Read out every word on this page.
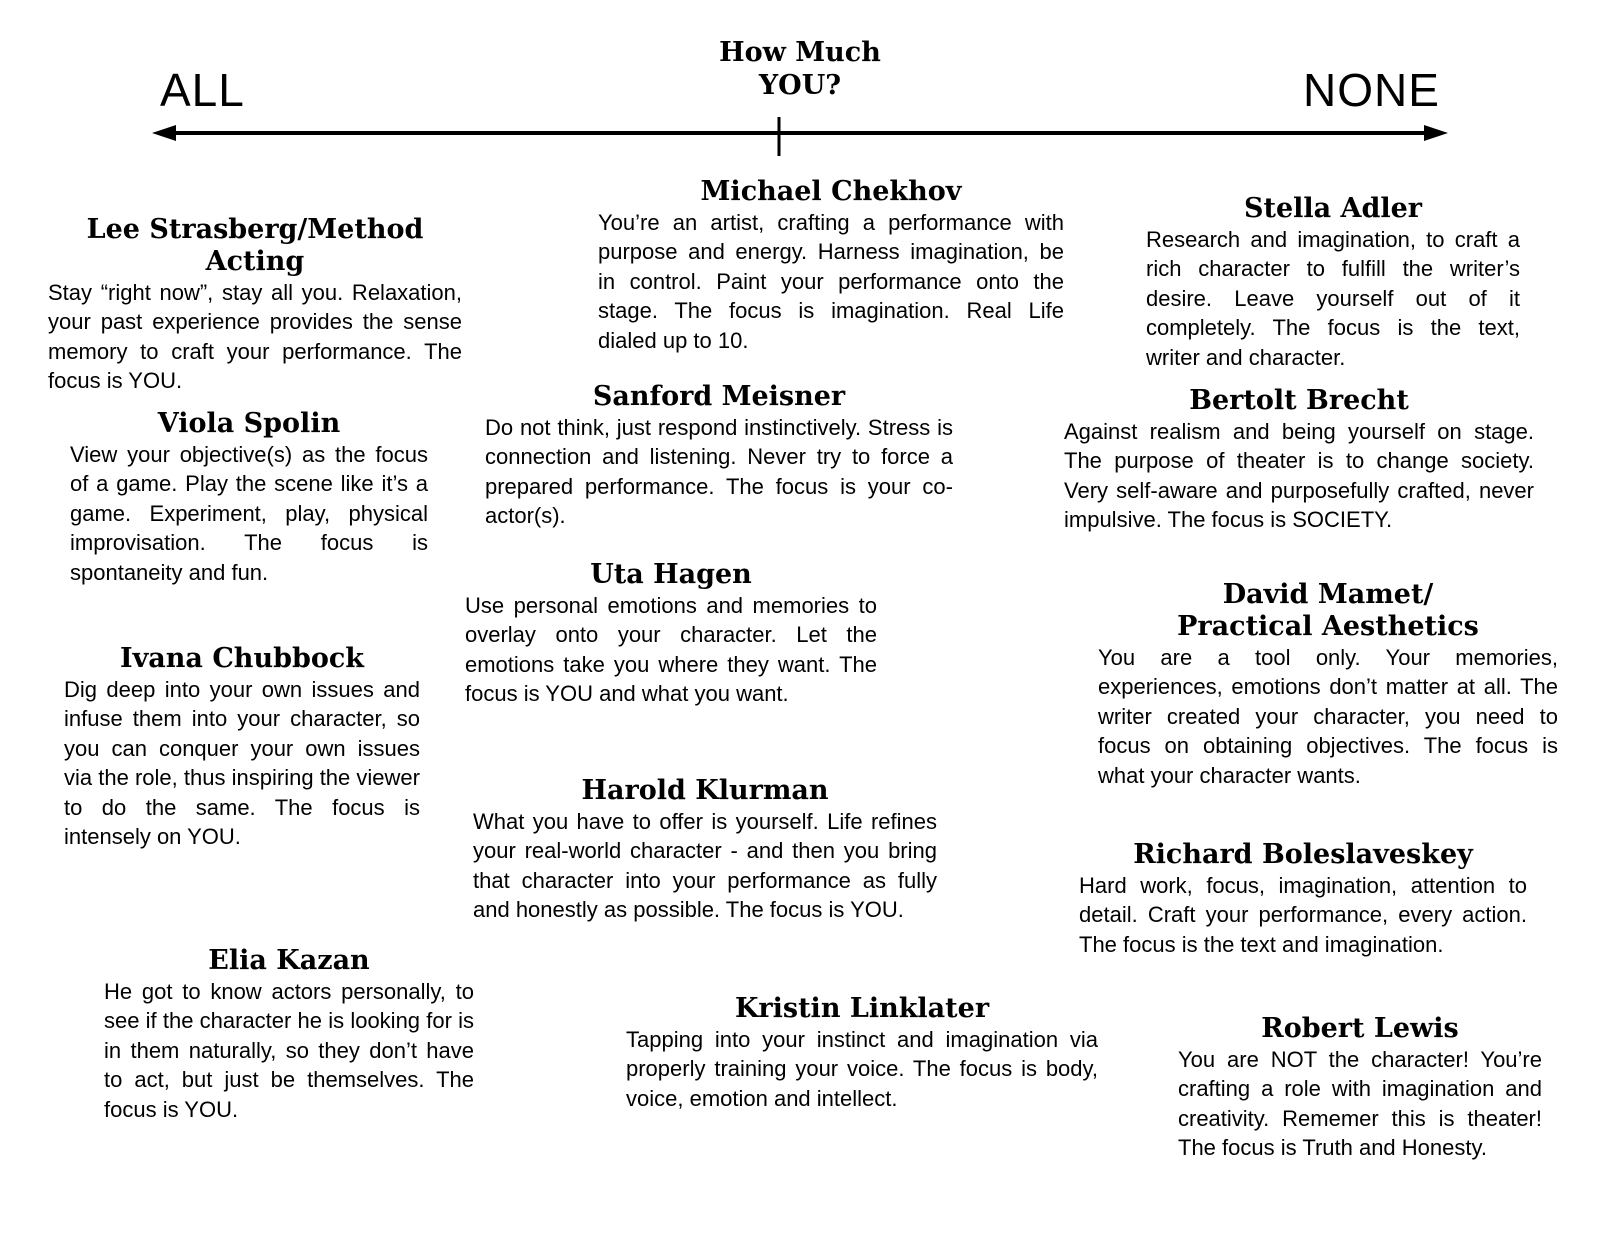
ALL	NONE
How Much
YOU?
Lee Strasberg/Method Acting

Stay “right now”, stay all you. Relaxation, your past experience provides the sense memory to craft your performance. The focus is YOU.

Viola Spolin

View your objective(s) as the focus of a game. Play the scene like it’s a game. Experiment, play, physical improvisation. The focus is spontaneity and fun.

Ivana Chubbock

Dig deep into your own issues and infuse them into your character, so you can conquer your own issues via the role, thus inspiring the viewer to do the same. The focus is intensely on YOU.

Elia Kazan

He got to know actors personally, to see if the character he is looking for is in them naturally, so they don’t have to act, but just be themselves. The focus is YOU.

Michael Chekhov

You’re an artist, crafting a performance with purpose and energy. Harness imagination, be in control. Paint your performance onto the stage. The focus is imagination. Real Life dialed up to 10.

Sanford Meisner

Do not think, just respond instinctively. Stress is connection and listening. Never try to force a prepared performance. The focus is your co-actor(s).

Uta Hagen

Use personal emotions and memories to overlay onto your character. Let the emotions take you where they want. The focus is YOU and what you want.

Harold Klurman

What you have to offer is yourself. Life refines your real-world character - and then you bring that character into your performance as fully and honestly as possible. The focus is YOU.

Kristin Linklater

Tapping into your instinct and imagination via properly training your voice. The focus is body, voice, emotion and intellect.

Stella Adler

Research and imagination, to craft a rich character to fulfill the writer’s desire. Leave yourself out of it completely. The focus is the text, writer and character.

Bertolt Brecht

Against realism and being yourself on stage. The purpose of theater is to change society. Very self-aware and purposefully crafted, never impulsive. The focus is SOCIETY.

David Mamet/
Practical Aesthetics

You are a tool only. Your memories, experiences, emotions don’t matter at all. The writer created your character, you need to focus on obtaining objectives. The focus is what your character wants.

Richard Boleslaveskey

Hard work, focus, imagination, attention to detail. Craft your performance, every action. The focus is the text and imagination.

Robert Lewis

You are NOT the character! You’re crafting a role with imagination and creativity. Rememer this is theater! The focus is Truth and Honesty.
